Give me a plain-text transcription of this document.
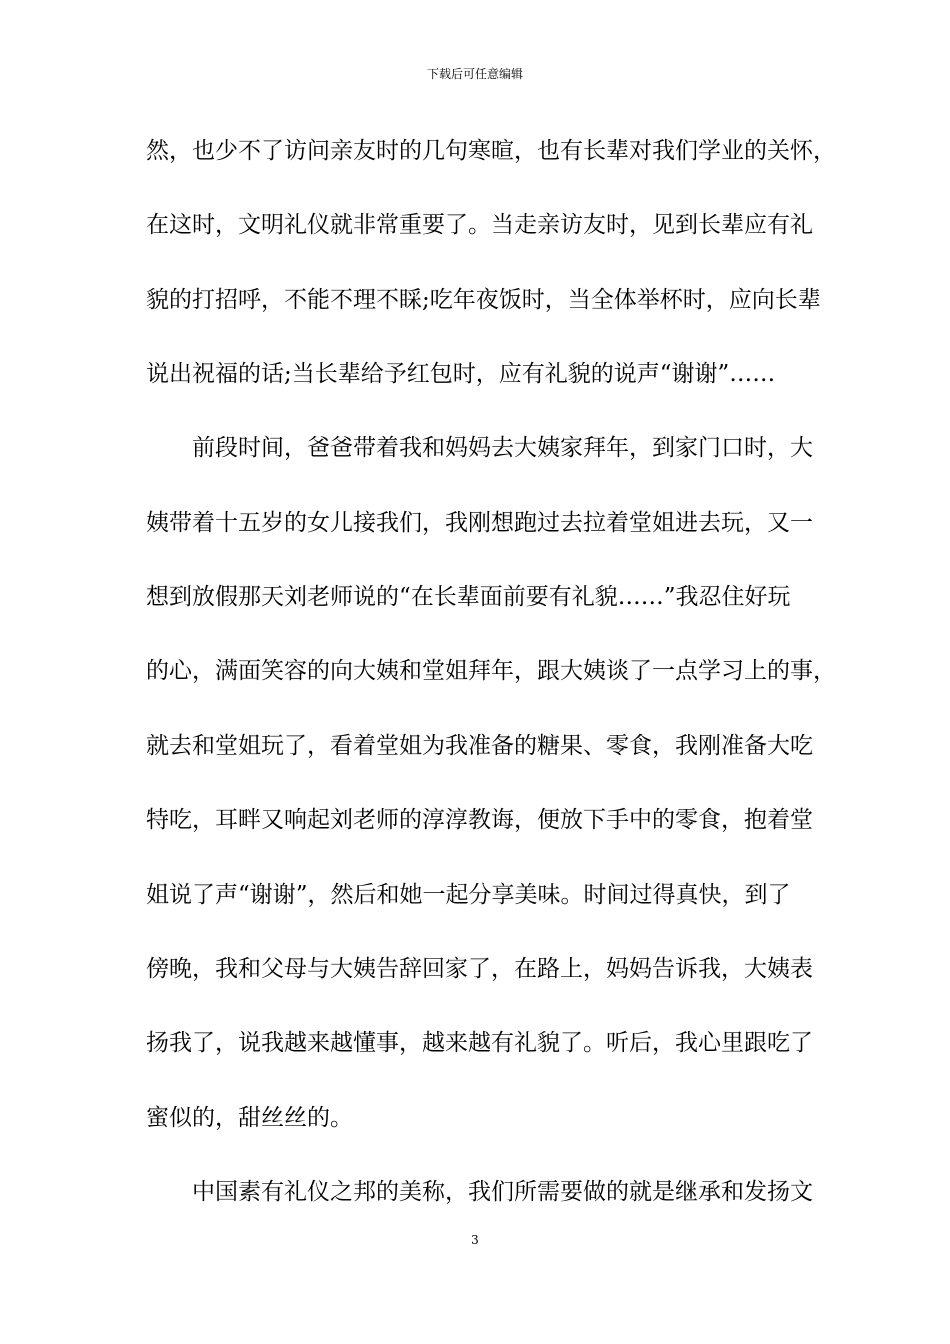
下载后可任意编辑
然，也少不了访问亲友时的几句寒暄，也有长辈对我们学业的关怀，
在这时，文明礼仪就非常重要了。当走亲访友时，见到长辈应有礼
貌的打招呼，不能不理不睬;吃年夜饭时，当全体举杯时，应向长辈
说出祝福的话;当长辈给予红包时，应有礼貌的说声“谢谢”……
前段时间，爸爸带着我和妈妈去大姨家拜年，到家门口时，大
姨带着十五岁的女儿接我们，我刚想跑过去拉着堂姐进去玩，又一
想到放假那天刘老师说的“在长辈面前要有礼貌……”我忍住好玩
的心，满面笑容的向大姨和堂姐拜年，跟大姨谈了一点学习上的事，
就去和堂姐玩了，看着堂姐为我准备的糖果、零食，我刚准备大吃
特吃，耳畔又响起刘老师的淳淳教诲，便放下手中的零食，抱着堂
姐说了声“谢谢”，然后和她一起分享美味。时间过得真快，到了
傍晚，我和父母与大姨告辞回家了，在路上，妈妈告诉我，大姨表
扬我了，说我越来越懂事，越来越有礼貌了。听后，我心里跟吃了
蜜似的，甜丝丝的。
中国素有礼仪之邦的美称，我们所需要做的就是继承和发扬文
3
